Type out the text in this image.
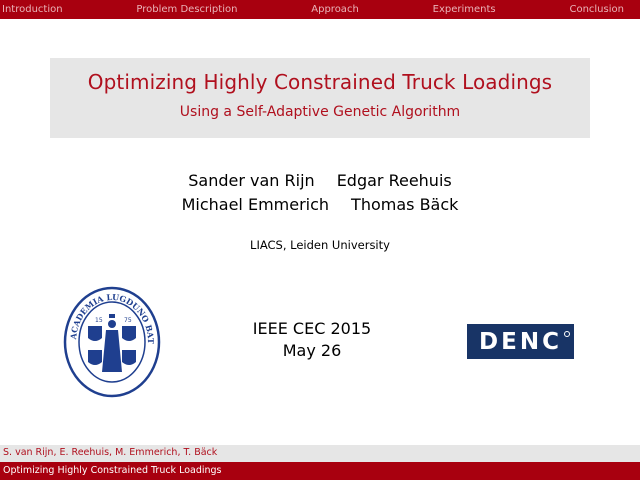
Introduction	Problem Description	Approach	Experiments	Conclusion
Optimizing Highly Constrained Truck Loadings
Using a Self-Adaptive Genetic Algorithm
Sander van Rijn Edgar Reehuis
Michael Emmerich Thomas Bäck
LIACS, Leiden University
IEEE CEC 2015
May 26
ACADEMIA LUGDUNO BAT
15	75
DENC
S. van Rijn, E. Reehuis, M. Emmerich, T. Bäck
Optimizing Highly Constrained Truck Loadings
